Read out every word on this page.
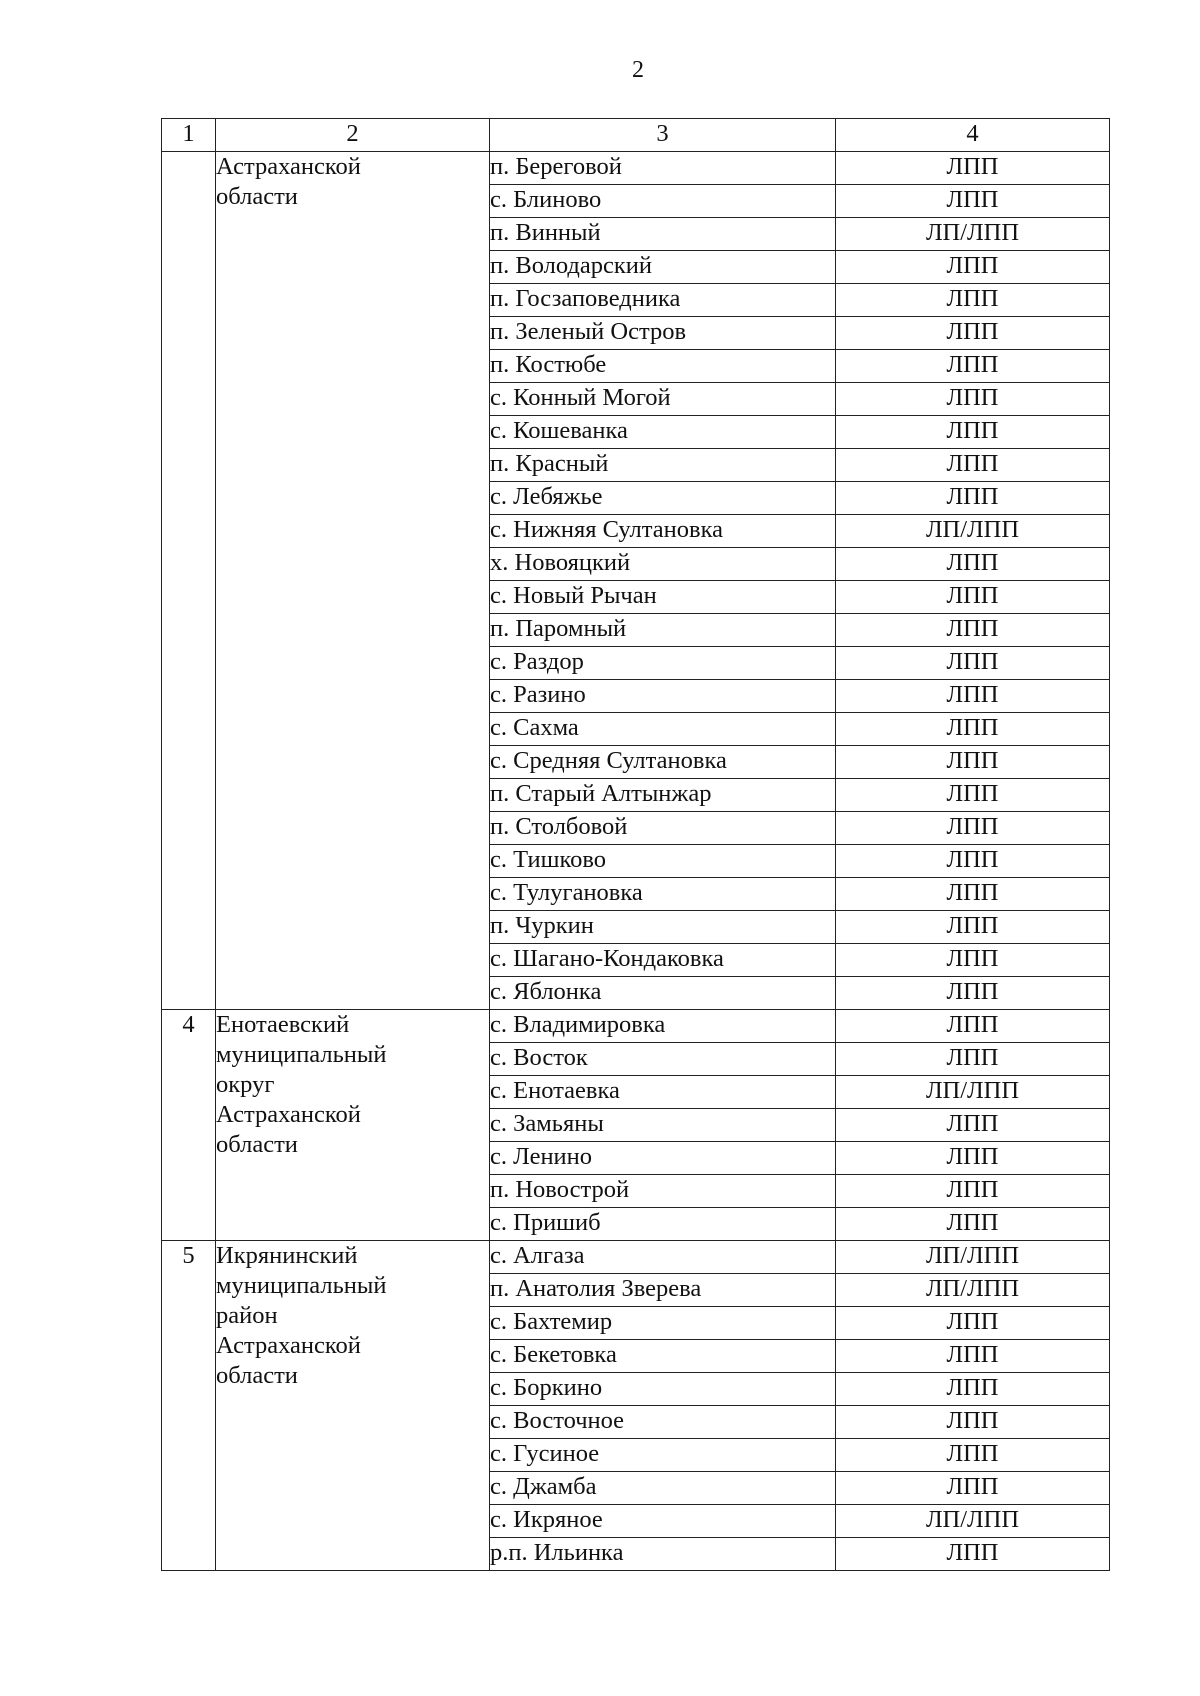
2
1	2	3	4

	Астраханской
области	п. Береговой	ЛПП
		с. Блиново	ЛПП
		п. Винный	ЛП/ЛПП
		п. Володарский	ЛПП
		п. Госзаповедника	ЛПП
		п. Зеленый Остров	ЛПП
		п. Костюбе	ЛПП
		с. Конный Могой	ЛПП
		с. Кошеванка	ЛПП
		п. Красный	ЛПП
		с. Лебяжье	ЛПП
		с. Нижняя Султановка	ЛП/ЛПП
		х. Новояцкий	ЛПП
		с. Новый Рычан	ЛПП
		п. Паромный	ЛПП
		с. Раздор	ЛПП
		с. Разино	ЛПП
		с. Сахма	ЛПП
		с. Средняя Султановка	ЛПП
		п. Старый Алтынжар	ЛПП
		п. Столбовой	ЛПП
		с. Тишково	ЛПП
		с. Тулугановка	ЛПП
		п. Чуркин	ЛПП
		с. Шагано-Кондаковка	ЛПП
		с. Яблонка	ЛПП
4	Енотаевский
муниципальный
округ
Астраханской
области	с. Владимировка	ЛПП
		с. Восток	ЛПП
		с. Енотаевка	ЛП/ЛПП
		с. Замьяны	ЛПП
		с. Ленино	ЛПП
		п. Новострой	ЛПП
		с. Пришиб	ЛПП
5	Икрянинский
муниципальный
район
Астраханской
области	с. Алгаза	ЛП/ЛПП
		п. Анатолия Зверева	ЛП/ЛПП
		с. Бахтемир	ЛПП
		с. Бекетовка	ЛПП
		с. Боркино	ЛПП
		с. Восточное	ЛПП
		с. Гусиное	ЛПП
		с. Джамба	ЛПП
		с. Икряное	ЛП/ЛПП
		р.п. Ильинка	ЛПП
